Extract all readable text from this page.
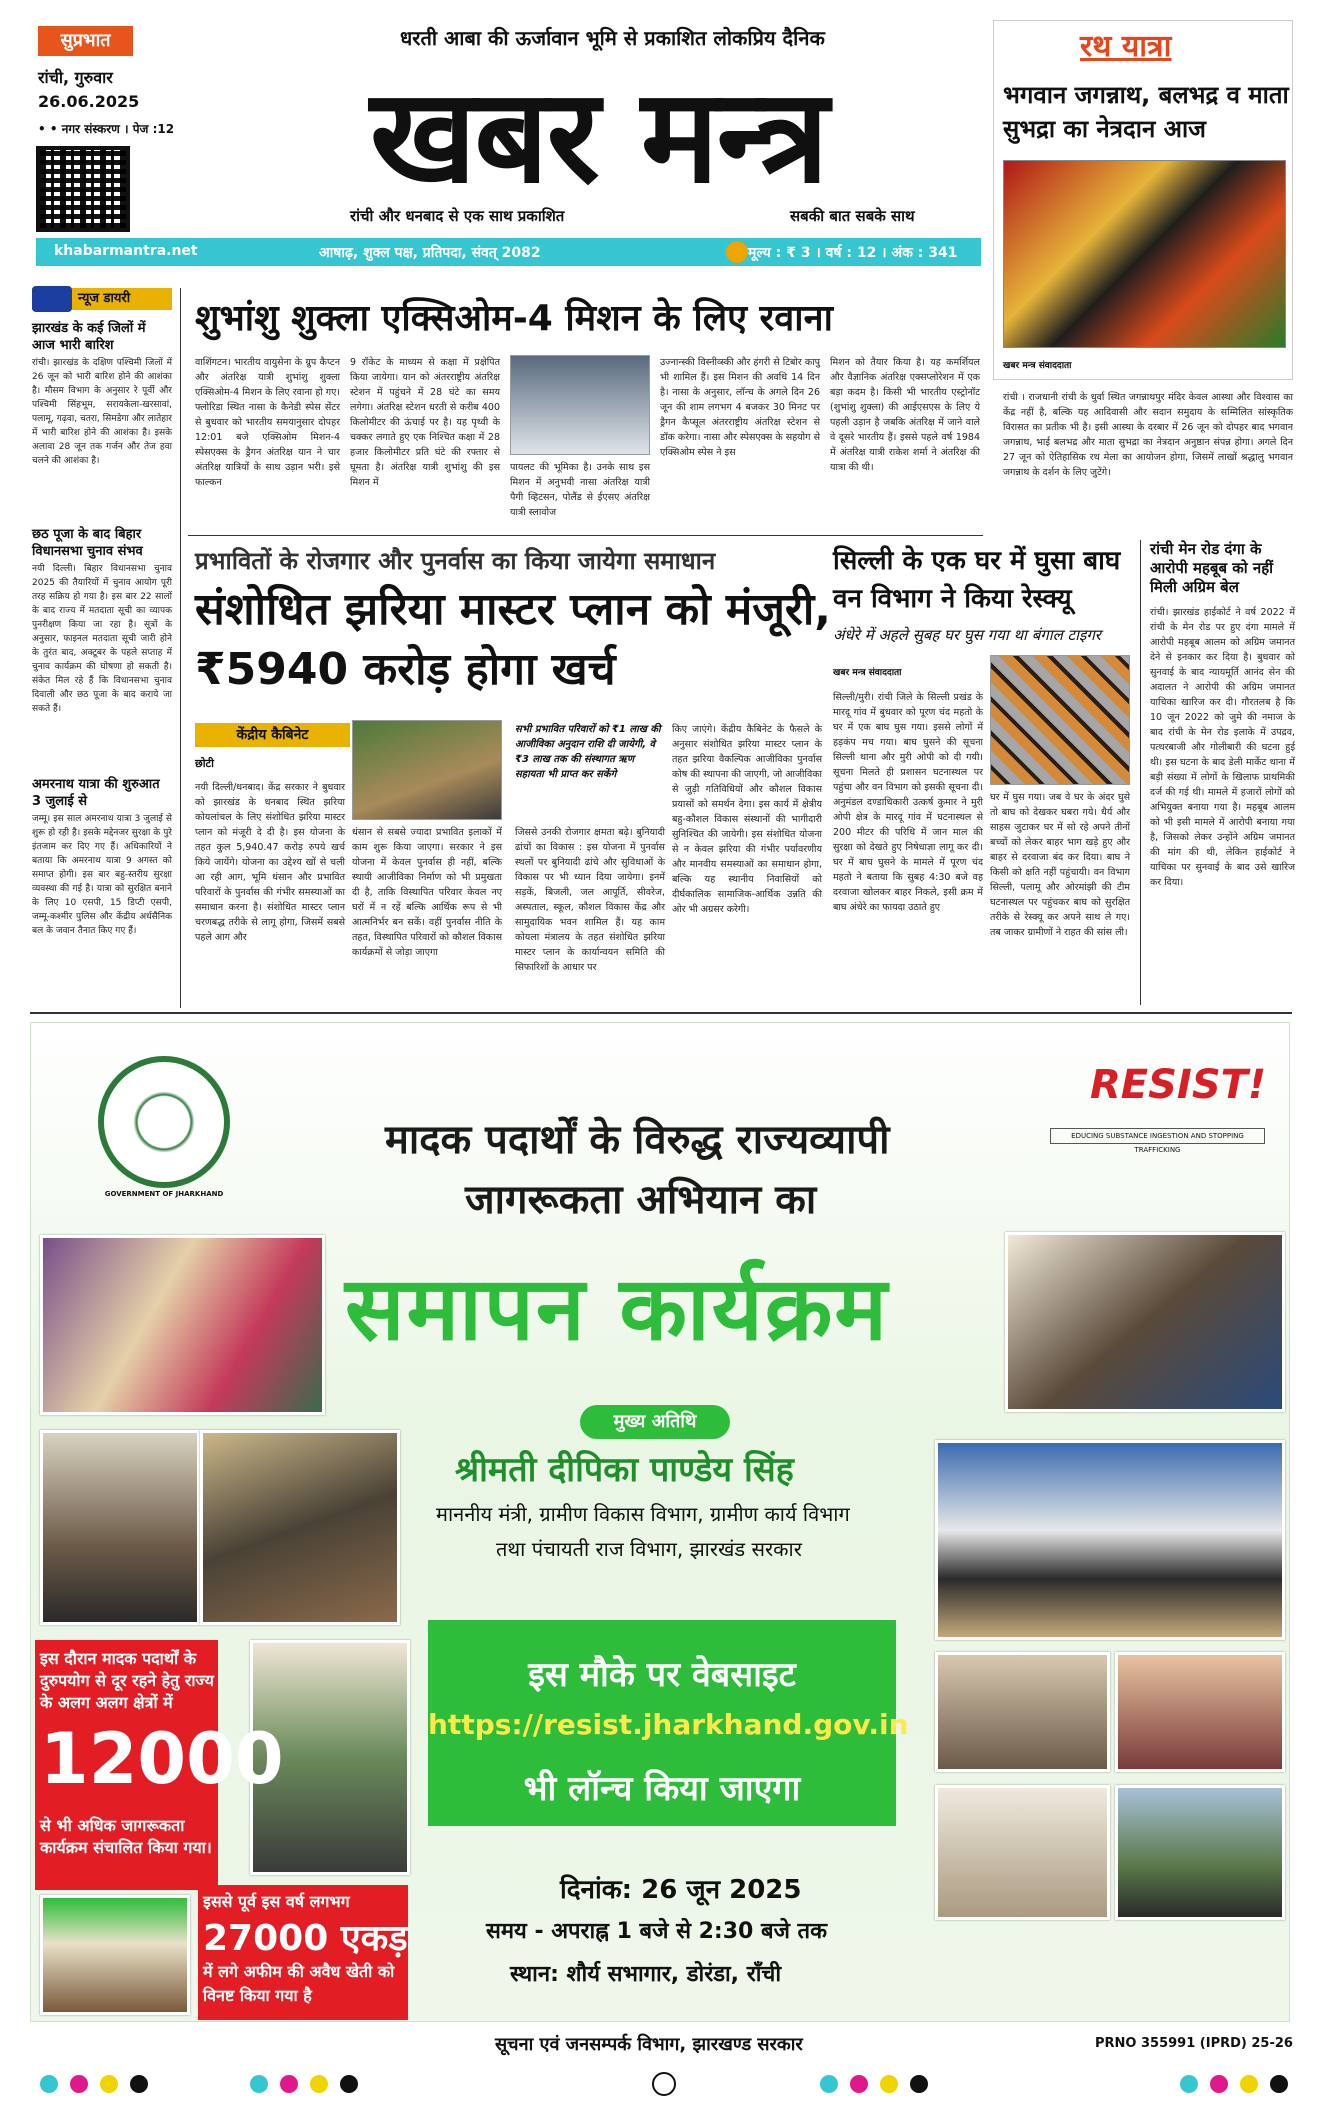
सुप्रभात
रांची, गुरुवार
26.06.2025
• • नगर संस्करण । पेज :12
धरती आबा की ऊर्जावान भूमि से प्रकाशित लोकप्रिय दैनिक
खबर मन्त्र
रांची और धनबाद से एक साथ प्रकाशित	सबकी बात सबके साथ
khabarmantra.net	आषाढ़, शुक्ल पक्ष, प्रतिपदा, संवत् 2082	मूल्य : ₹ 3 । वर्ष : 12 । अंक : 341
रथ यात्रा
भगवान जगन्नाथ, बलभद्र व माता सुभद्रा का नेत्रदान आज
खबर मन्त्र संवाददाता
रांची । राजधानी रांची के धुर्वा स्थित जगन्नाथपुर मंदिर केवल आस्था और विश्वास का केंद्र नहीं है, बल्कि यह आदिवासी और सदान समुदाय के सम्मिलित सांस्कृतिक विरासत का प्रतीक भी है। इसी आस्था के दरबार में 26 जून को दोपहर बाद भगवान जगन्नाथ, भाई बलभद्र और माता सुभद्रा का नेत्रदान अनुष्ठान संपन्न होगा। अगले दिन 27 जून को ऐतिहासिक रथ मेला का आयोजन होगा, जिसमें लाखों श्रद्धालु भगवान जगन्नाथ के दर्शन के लिए जुटेंगे।
न्यूज डायरी
झारखंड के कई जिलों में आज भारी बारिश
रांची। झारखंड के दक्षिण पश्चिमी जिलों में 26 जून को भारी बारिश होने की आशंका है। मौसम विभाग के अनुसार रे पूर्वी और पश्चिमी सिंहभूम, सरायकेला-खरसावां, पलामू, गढ़वा, चतरा, सिमडेगा और लातेहार में भारी बारिश होने की आशंका है। इसके अलावा 28 जून तक गर्जन और तेज हवा चलने की आशंका है।
छठ पूजा के बाद बिहार विधानसभा चुनाव संभव
नयी दिल्ली। बिहार विधानसभा चुनाव 2025 की तैयारियों में चुनाव आयोग पूरी तरह सक्रिय हो गया है। इस बार 22 सालों के बाद राज्य में मतदाता सूची का व्यापक पुनरीक्षण किया जा रहा है। सूत्रों के अनुसार, फाइनल मतदाता सूची जारी होने के तुरंत बाद, अक्टूबर के पहले सप्ताह में चुनाव कार्यक्रम की घोषणा हो सकती है। संकेत मिल रहे हैं कि विधानसभा चुनाव दिवाली और छठ पूजा के बाद कराये जा सकते हैं।
अमरनाथ यात्रा की शुरुआत 3 जुलाई से
जम्मू। इस साल अमरनाथ यात्रा 3 जुलाई से शुरू हो रही है। इसके मद्देनजर सुरक्षा के पुरे इंतजाम कर दिए गए हैं। अधिकारियों ने बताया कि अमरनाथ यात्रा 9 अगस्त को समाप्त होगी। इस बार बहु-स्तरीय सुरक्षा व्यवस्था की गई है। यात्रा को सुरक्षित बनाने के लिए 10 एसपी, 15 डिप्टी एसपी, जम्मू-कश्मीर पुलिस और केंद्रीय अर्धसैनिक बल के जवान तैनात किए गए हैं।
शुभांशु शुक्ला एक्सिओम-4 मिशन के लिए रवाना
वाशिंगटन। भारतीय वायुसेना के ग्रुप कैप्टन और अंतरिक्ष यात्री शुभांशु शुक्ला एक्सिओम-4 मिशन के लिए रवाना हो गए। फ्लोरिडा स्थित नासा के कैनेडी स्पेस सेंटर से बुधवार को भारतीय समयानुसार दोपहर 12:01 बजे एक्सिओम मिशन-4 स्पेसएक्स के ड्रैगन अंतरिक्ष यान ने चार अंतरिक्ष यात्रियों के साथ उड़ान भरी। इसे फाल्कन
9 रॉकेट के माध्यम से कक्षा में प्रक्षेपित किया जायेगा। यान को अंतरराष्ट्रीय अंतरिक्ष स्टेशन में पहुंचने में 28 घंटे का समय लगेगा। अंतरिक्ष स्टेशन धरती से करीब 400 किलोमीटर की ऊंचाई पर है। यह पृथ्वी के चक्कर लगाते हुए एक निश्चित कक्षा में 28 हजार किलोमीटर प्रति घंटे की रफ्तार से घूमता है। अंतरिक्ष यात्री शुभांशु की इस मिशन में
पायलट की भूमिका है। उनके साथ इस मिशन में अनुभवी नासा अंतरिक्ष यात्री पैगी व्हिटसन, पोलैंड से ईएसए अंतरिक्ष यात्री स्लावोज
उज्नान्स्की विस्नीव्स्की और हंगरी से टिबोर कापु भी शामिल हैं। इस मिशन की अवधि 14 दिन है। नासा के अनुसार, लॉन्च के अगले दिन 26 जून की शाम लगभग 4 बजकर 30 मिनट पर ड्रैगन कैप्सूल अंतरराष्ट्रीय अंतरिक्ष स्टेशन से डॉक करेगा। नासा और स्पेसएक्स के सहयोग से एक्सिओम स्पेस ने इस
मिशन को तैयार किया है। यह कमर्शियल और वैज्ञानिक अंतरिक्ष एक्सप्लोरेशन में एक बड़ा कदम है। किसी भी भारतीय एस्ट्रोनॉट (शुभांशु शुक्ला) की आईएसएस के लिए ये पहली उड़ान है जबकि अंतरिक्ष में जाने वाले वे दूसरे भारतीय हैं। इससे पहले वर्ष 1984 में अंतरिक्ष यात्री राकेश शर्मा ने अंतरिक्ष की यात्रा की थी।
प्रभावितों के रोजगार और पुनर्वास का किया जायेगा समाधान
संशोधित झरिया मास्टर प्लान को मंजूरी, ₹5940 करोड़ होगा खर्च
केंद्रीय कैबिनेट
छोटी
सभी प्रभावित परिवारों को ₹1 लाख की आजीविका अनुदान राशि दी जायेगी, वे ₹3 लाख तक की संस्थागत ऋण सहायता भी प्राप्त कर सकेंगे
नयी दिल्ली/धनबाद। केंद्र सरकार ने बुधवार को झारखंड के धनबाद स्थित झरिया कोयलांचल के लिए संशोधित झरिया मास्टर प्लान को मंजूरी दे दी है। इस योजना के तहत कुल 5,940.47 करोड़ रुपये खर्च किये जायेंगे। योजना का उद्देश्य खों से चली आ रही आग, भूमि धंसान और प्रभावित परिवारों के पुनर्वास की गंभीर समस्याओं का समाधान करना है। संशोधित मास्टर प्लान चरणबद्ध तरीके से लागू होगा, जिसमें सबसे पहले आग और
धंसान से सबसे ज्यादा प्रभावित इलाकों में काम शुरू किया जाएगा। सरकार ने इस योजना में केवल पुनर्वास ही नहीं, बल्कि स्थायी आजीविका निर्माण को भी प्रमुखता दी है, ताकि विस्थापित परिवार केवल नए घरों में न रहें बल्कि आर्थिक रूप से भी आत्मनिर्भर बन सकें। वहीं पुनर्वास नीति के तहत, विस्थापित परिवारों को कौशल विकास कार्यक्रमों से जोड़ा जाएगा
जिससे उनकी रोजगार क्षमता बढ़े। बुनियादी ढांचों का विकास : इस योजना में पुनर्वास स्थलों पर बुनियादी ढांचे और सुविधाओं के विकास पर भी ध्यान दिया जायेगा। इनमें सड़कें, बिजली, जल आपूर्ति, सीवरेज, अस्पताल, स्कूल, कौशल विकास केंद्र और सामुदायिक भवन शामिल हैं। यह काम कोयला मंत्रालय के तहत संशोधित झरिया मास्टर प्लान के कार्यान्वयन समिति की सिफारिशों के आधार पर
किए जाएंगे। केंद्रीय कैबिनेट के फैसले के अनुसार संशोधित झरिया मास्टर प्लान के तहत झरिया वैकल्पिक आजीविका पुनर्वास कोष की स्थापना की जाएगी, जो आजीविका से जुड़ी गतिविधियों और कौशल विकास प्रयासों को समर्थन देगा। इस कार्य में क्षेत्रीय बहु-कौशल विकास संस्थानों की भागीदारी सुनिश्चित की जायेगी। इस संशोधित योजना से न केवल झरिया की गंभीर पर्यावरणीय और मानवीय समस्याओं का समाधान होगा, बल्कि यह स्थानीय निवासियों को दीर्घकालिक सामाजिक-आर्थिक उन्नति की ओर भी अग्रसर करेगी।
सिल्ली के एक घर में घुसा बाघ वन विभाग ने किया रेस्क्यू
अंधेरे में अहले सुबह घर घुस गया था बंगाल टाइगर
खबर मन्त्र संवाददाता
सिल्ली/मुरी। रांची जिले के सिल्ली प्रखंड के मारदू गांव में बुधवार को पूरण चंद महतो के घर में एक बाघ घुस गया। इससे लोगों में हड़कंप मच गया। बाघ घुसने की सूचना सिल्ली थाना और मुरी ओपी को दी गयी। सूचना मिलते ही प्रशासन घटनास्थल पर पहुंचा और वन विभाग को इसकी सूचना दी। अनुमंडल दण्डाधिकारी उत्कर्ष कुमार ने मुरी ओपी क्षेत्र के मारदू गांव में घटनास्थल से 200 मीटर की परिधि में जान माल की सुरक्षा को देखते हुए निषेधाज्ञा लागू कर दी। घर में बाघ घुसने के मामले में पूरण चंद महतो ने बताया कि सुबह 4:30 बजे वह दरवाजा खोलकर बाहर निकले, इसी क्रम में बाघ अंधेरे का फायदा उठाते हुए
घर में घुस गया। जब वे घर के अंदर घुसे तो बाघ को देखकर घबरा गये। धैर्य और साहस जुटाकर घर में सो रहे अपने तीनों बच्चों को लेकर बाहर भाग खड़े हुए और बाहर से दरवाजा बंद कर दिया। बाघ ने किसी को क्षति नहीं पहुंचायी। वन विभाग सिल्ली, पलामू और ओरमांझी की टीम घटनास्थल पर पहुंचकर बाघ को सुरक्षित तरीके से रेस्क्यू कर अपने साथ ले गए। तब जाकर ग्रामीणों ने राहत की सांस ली।
रांची मेन रोड दंगा के आरोपी महबूब को नहीं मिली अग्रिम बेल
रांची। झारखंड हाईकोर्ट ने वर्ष 2022 में रांची के मेन रोड पर हुए दंगा मामले में आरोपी महबूब आलम को अग्रिम जमानत देने से इनकार कर दिया है। बुधवार को सुनवाई के बाद न्यायमूर्ति आनंद सेन की अदालत ने आरोपी की अग्रिम जमानत याचिका खारिज कर दी। गौरतलब है कि 10 जून 2022 को जुमे की नमाज के बाद रांची के मेन रोड इलाके में उपद्रव, पत्थरबाजी और गोलीबारी की घटना हुई थी। इस घटना के बाद डेली मार्केट थाना में बड़ी संख्या में लोगों के खिलाफ प्राथमिकी दर्ज की गई थी। मामले में हजारों लोगों को अभियुक्त बनाया गया है। महबूब आलम को भी इसी मामले में आरोपी बनाया गया है, जिसको लेकर उन्होंने अग्रिम जमानत की मांग की थी, लेकिन हाईकोर्ट ने याचिका पर सुनवाई के बाद उसे खारिज कर दिया।
GOVERNMENT OF JHARKHAND
RESIST!
EDUCING SUBSTANCE INGESTION AND STOPPING TRAFFICKING
मादक पदार्थों के विरुद्ध राज्यव्यापी
जागरूकता अभियान का
समापन कार्यक्रम
मुख्य अतिथि
श्रीमती दीपिका पाण्डेय सिंह
माननीय मंत्री, ग्रामीण विकास विभाग, ग्रामीण कार्य विभाग
तथा पंचायती राज विभाग, झारखंड सरकार
इस मौके पर वेबसाइट
https://resist.jharkhand.gov.in
भी लॉन्च किया जाएगा
दिनांक: 26 जून 2025
समय - अपराह्न 1 बजे से 2:30 बजे तक
स्थान: शौर्य सभागार, डोरंडा, राँची
इस दौरान मादक पदार्थों के दुरुपयोग से दूर रहने हेतु राज्य के अलग अलग क्षेत्रों में
12000
से भी अधिक जागरूकता कार्यक्रम संचालित किया गया।
इससे पूर्व इस वर्ष लगभग
27000 एकड़
में लगे अफीम की अवैध खेती को विनष्ट किया गया है
सूचना एवं जनसम्पर्क विभाग, झारखण्ड सरकार	PRNO 355991 (IPRD) 25-26
